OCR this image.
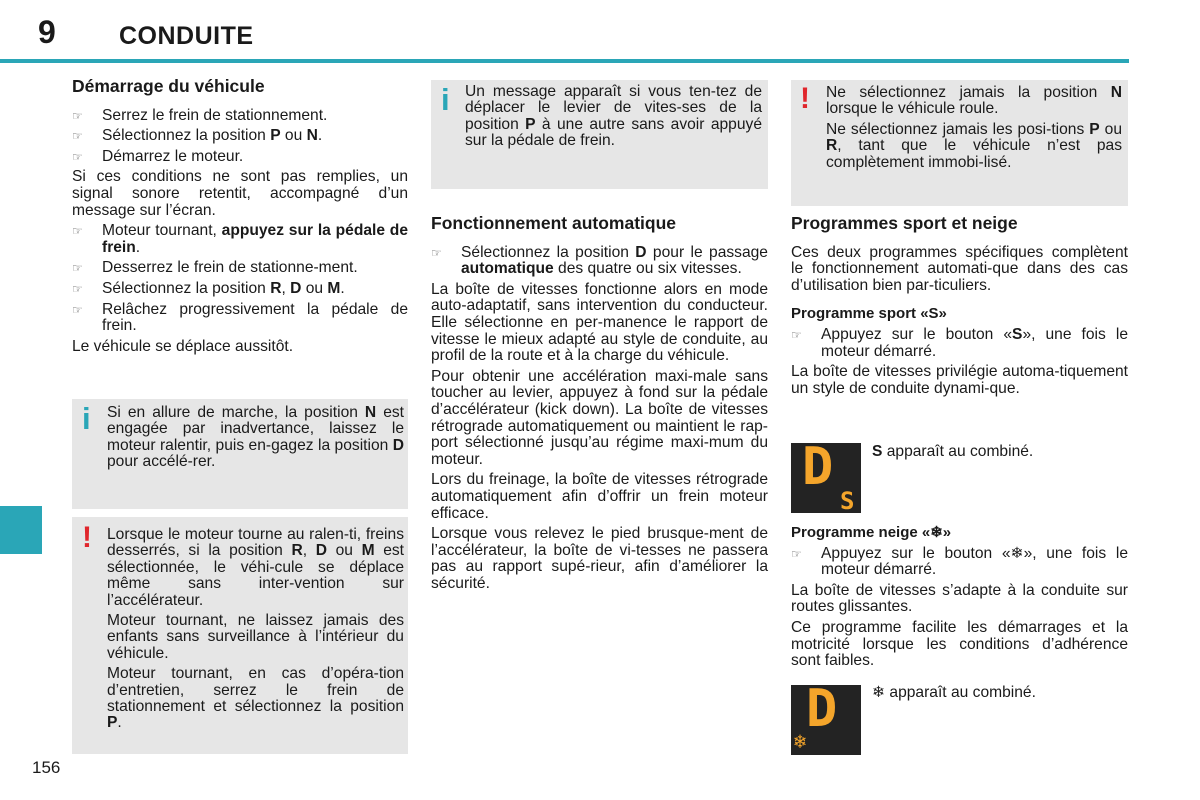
9	CONDUITE
Démarrage du véhicule
☞ Serrez le frein de stationnement.
☞ Sélectionnez la position P ou N.
☞ Démarrez le moteur.

Si ces conditions ne sont pas remplies, un signal sonore retentit, accompagné d’un message sur l’écran.

☞ Moteur tournant, appuyez sur la pédale de frein.
☞ Desserrez le frein de stationne-ment.
☞ Sélectionnez la position R, D ou M.
☞ Relâchez progressivement la pédale de frein.

Le véhicule se déplace aussitôt.

i Si en allure de marche, la position N est engagée par inadvertance, laissez le moteur ralentir, puis en-gagez la position D pour accélé-rer.

! Lorsque le moteur tourne au ralen-ti, freins desserrés, si la position R, D ou M est sélectionnée, le véhi-cule se déplace même sans inter-vention sur l’accélérateur.

Moteur tournant, ne laissez jamais des enfants sans surveillance à l’intérieur du véhicule.

Moteur tournant, en cas d’opéra-tion d’entretien, serrez le frein de stationnement et sélectionnez la position P.

i Un message apparaît si vous ten-tez de déplacer le levier de vites-ses de la position P à une autre sans avoir appuyé sur la pédale de frein.

Fonctionnement automatique
☞ Sélectionnez la position D pour le passage automatique des quatre ou six vitesses.

La boîte de vitesses fonctionne alors en mode auto-adaptatif, sans intervention du conducteur. Elle sélectionne en per-manence le rapport de vitesse le mieux adapté au style de conduite, au profil de la route et à la charge du véhicule.

Pour obtenir une accélération maxi-male sans toucher au levier, appuyez à fond sur la pédale d’accélérateur (kick down). La boîte de vitesses rétrograde automatiquement ou maintient le rap-port sélectionné jusqu’au régime maxi-mum du moteur.

Lors du freinage, la boîte de vitesses rétrograde automatiquement afin d’offrir un frein moteur efficace.

Lorsque vous relevez le pied brusque-ment de l’accélérateur, la boîte de vi-tesses ne passera pas au rapport supé-rieur, afin d’améliorer la sécurité.

! Ne sélectionnez jamais la position N lorsque le véhicule roule.

Ne sélectionnez jamais les posi-tions P ou R, tant que le véhicule n’est pas complètement immobi-lisé.

Programmes sport et neige

Ces deux programmes spécifiques complètent le fonctionnement automati-que dans des cas d’utilisation bien par-ticuliers.

Programme sport «S»
☞ Appuyez sur le bouton «S», une fois le moteur démarré.

La boîte de vitesses privilégie automa-tiquement un style de conduite dynami-que.

D
S
S apparaît au combiné.
Programme neige «❄»
☞ Appuyez sur le bouton «❄», une fois le moteur démarré.

La boîte de vitesses s’adapte à la conduite sur routes glissantes.

Ce programme facilite les démarrages et la motricité lorsque les conditions d’adhérence sont faibles.

D
❄
❄ apparaît au combiné.
156
